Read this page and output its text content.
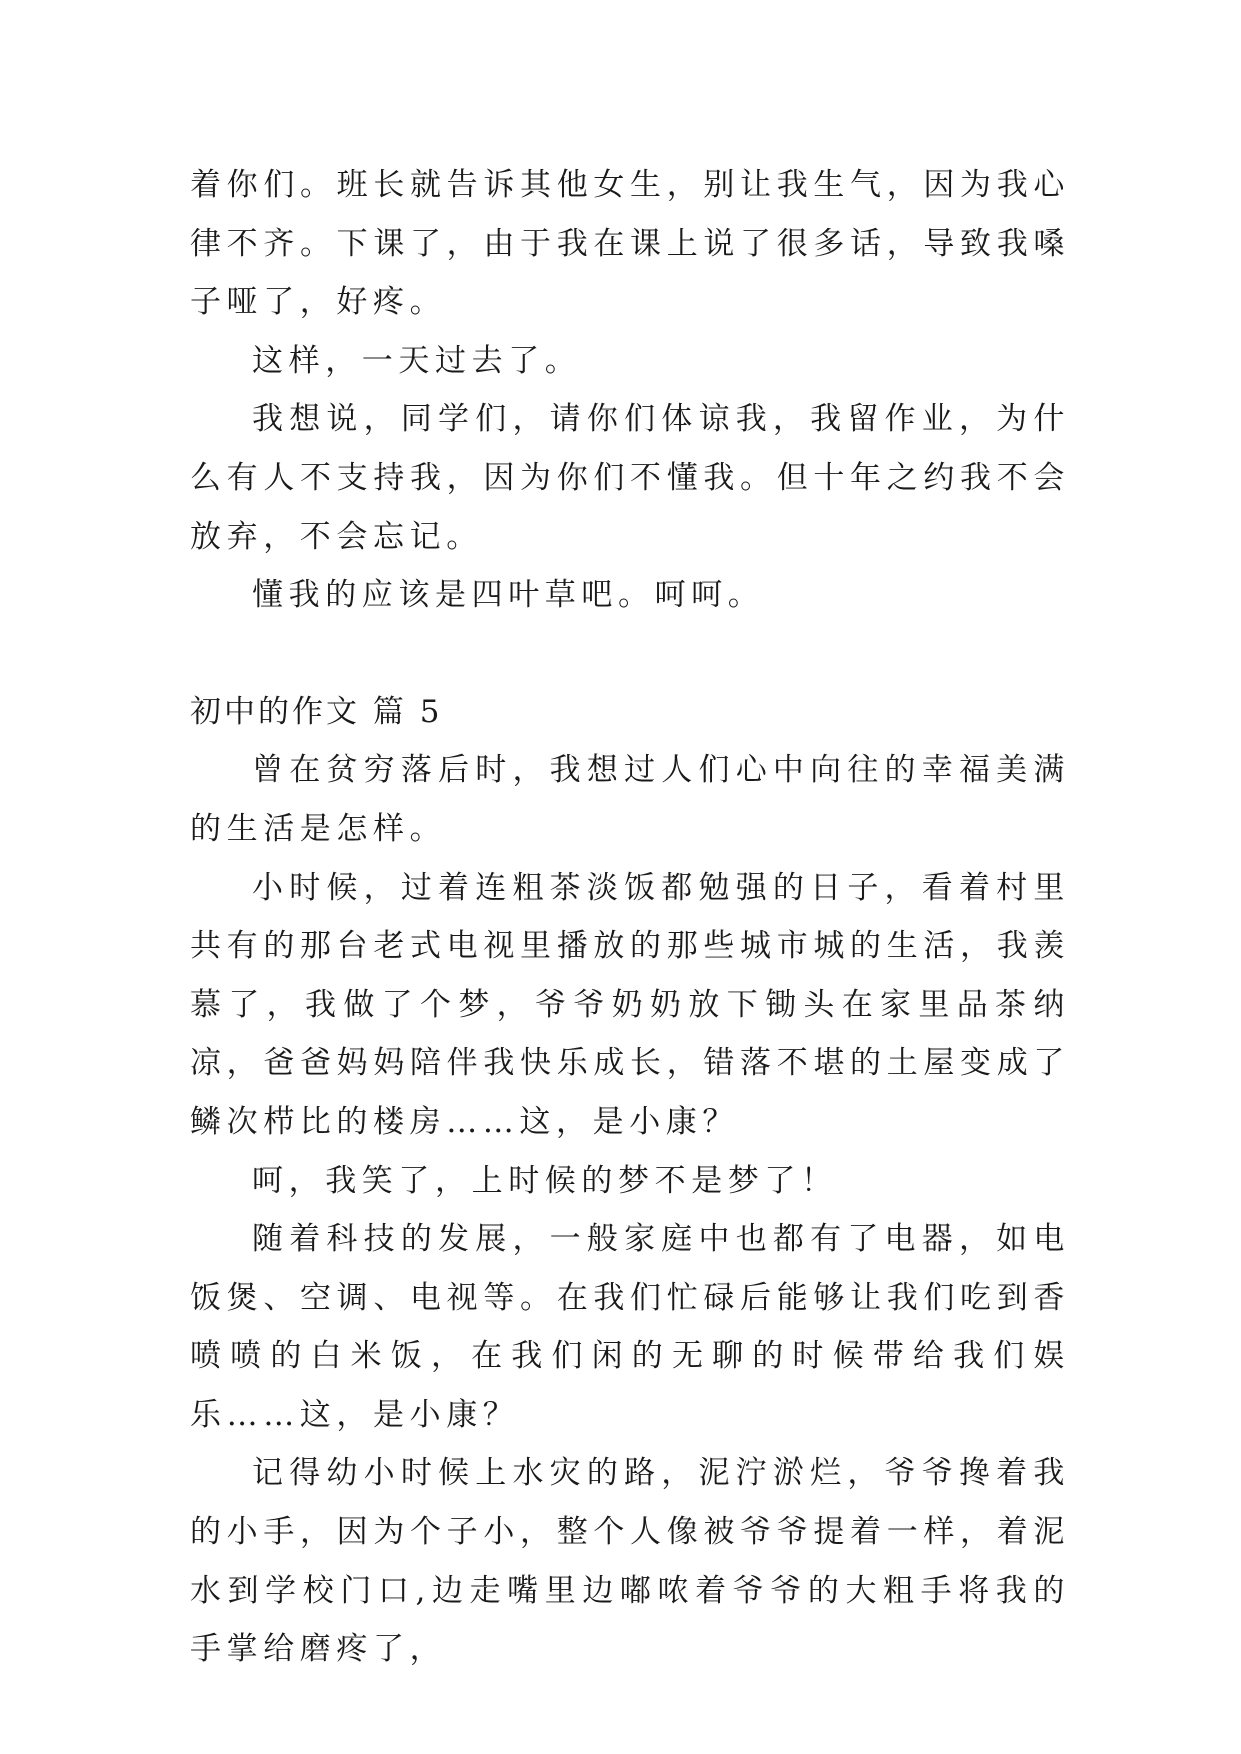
着你们。班长就告诉其他女生，别让我生气，因为我心律不齐。下课了，由于我在课上说了很多话，导致我嗓子哑了，好疼。

这样，一天过去了。

我想说，同学们，请你们体谅我，我留作业，为什么有人不支持我，因为你们不懂我。但十年之约我不会放弃，不会忘记。

懂我的应该是四叶草吧。呵呵。

初中的作文 篇 5

曾在贫穷落后时，我想过人们心中向往的幸福美满的生活是怎样。

小时候，过着连粗茶淡饭都勉强的日子，看着村里共有的那台老式电视里播放的那些城市城的生活，我羡慕了，我做了个梦，爷爷奶奶放下锄头在家里品茶纳凉，爸爸妈妈陪伴我快乐成长，错落不堪的土屋变成了鳞次栉比的楼房……这，是小康？

呵，我笑了，上时候的梦不是梦了！

随着科技的发展，一般家庭中也都有了电器，如电饭煲、空调、电视等。在我们忙碌后能够让我们吃到香喷喷的白米饭，在我们闲的无聊的时候带给我们娱乐……这，是小康？

记得幼小时候上水灾的路，泥泞淤烂，爷爷搀着我的小手，因为个子小，整个人像被爷爷提着一样，着泥水到学校门口,边走嘴里边嘟哝着爷爷的大粗手将我的手掌给磨疼了，
